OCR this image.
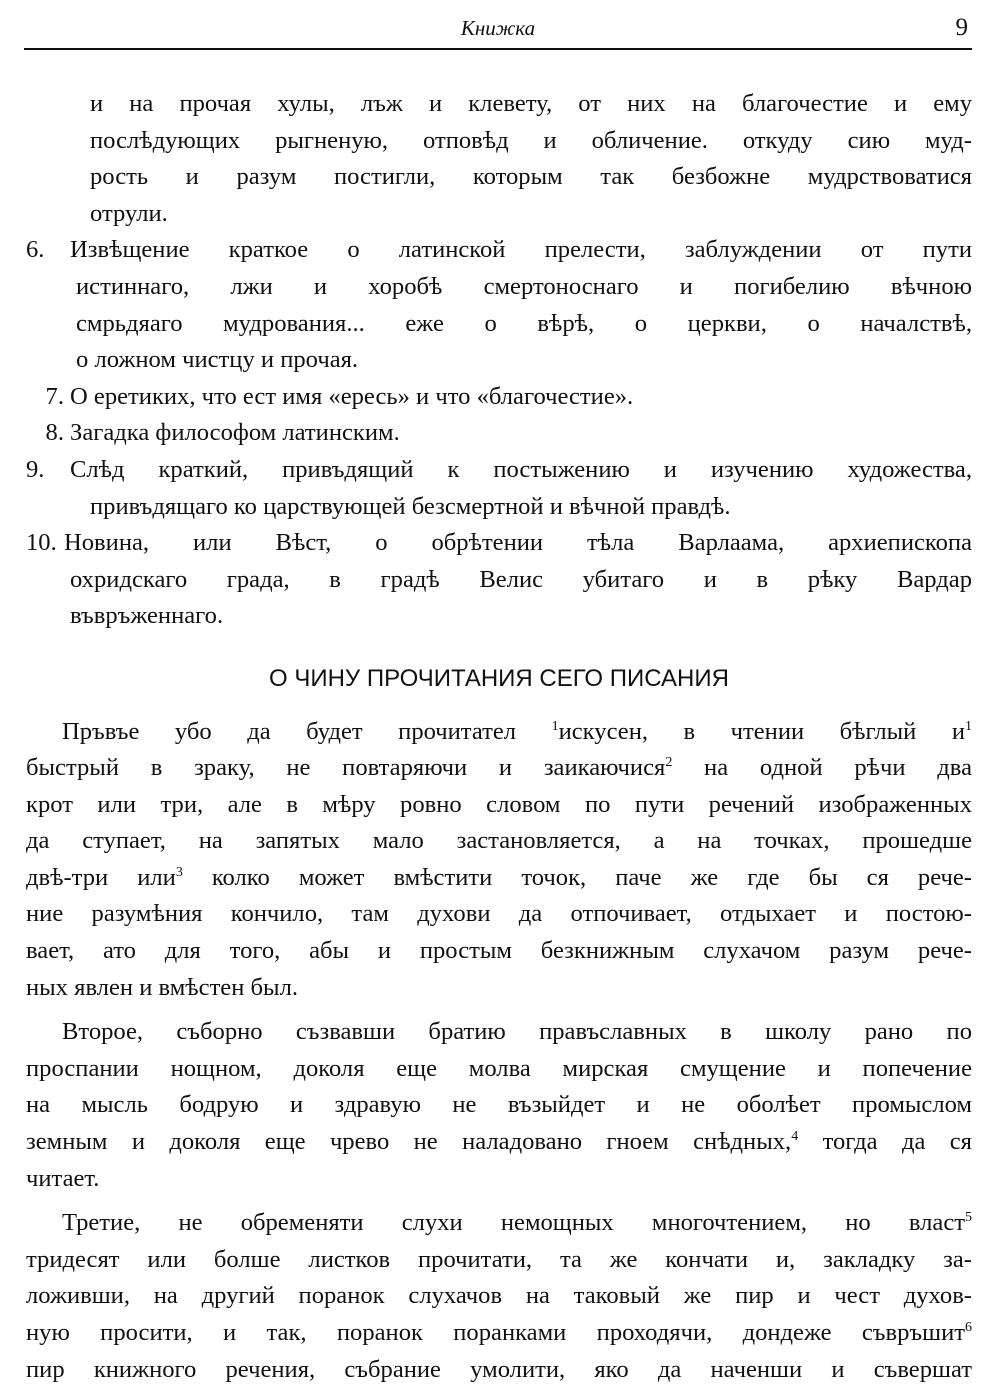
Книжка	9
и на прочая хулы, лъж и клевету, от них на благочестие и ему
послѣдующих рыгненую, отповѣд и обличение. откуду сию муд-
рость и разум постигли, которым так безбожне мудрствоватися
отрули.
6. Извѣщение краткое о латинской прелести, заблуждении от пути
истиннаго, лжи и хоробѣ смертоноснаго и погибелию вѣчною
смрьдяаго мудрования... еже о вѣрѣ, о церкви, о началствѣ,
о ложном чистцу и прочая.
7. О еретиких, что ест имя «ересь» и что «благочестие».
8. Загадка философом латинским.
9. Слѣд краткий, привъдящий к постыжению и изучению художества,
привъдящаго ко царствующей безсмертной и вѣчной правдѣ.
10. Новина, или Вѣст, о обрѣтении тѣла Варлаама, архиепископа
охридскаго града, в градѣ Велис убитаго и в рѣку Вардар
въвръженнаго.
О ЧИНУ ПРОЧИТАНИЯ СЕГО ПИСАНИЯ
Пръвъе убо да будет прочитател $^1$искусен, в чтении бѣглый $и^1$
быстрый в зраку, не повтаряючи и заикаючися$^2$ на одной рѣчи два
крот или три, але в мѣру ровно словом по пути речений изображенных
да ступает, на запятых мало застановляется, а на точках, прошедше
двѣ-три или$^3$ колко может вмѣстити точок, паче же где бы ся рече-
ние разумѣния кончило, там духови да отпочивает, отдыхает и постою-
вает, ато для того, абы и простым безкнижным слухачом разум рече-
ных явлен и вмѣстен был.
Второе, съборно съзвавши братию правъславных в школу рано по
проспании нощном, доколя еще молва мирская смущение и попечение
на мысль бодрую и здравую не възыйдет и не оболѣет промыслом
земным и доколя еще чрево не наладовано гноем снѣдных,$^4$ тогда да ся
читает.
Третие, не обременяти слухи немощных многочтением, но власт$^5$
тридесят или болше листков прочитати, та же кончати и, закладку за-
ложивши, на другий поранок слухачов на таковый же пир и чест духов-
ную просити, и так, поранок поранками проходячи, дондеже съвръшит$^6$
пир книжного речения, събрание умолити, яко да наченши и съвершат
